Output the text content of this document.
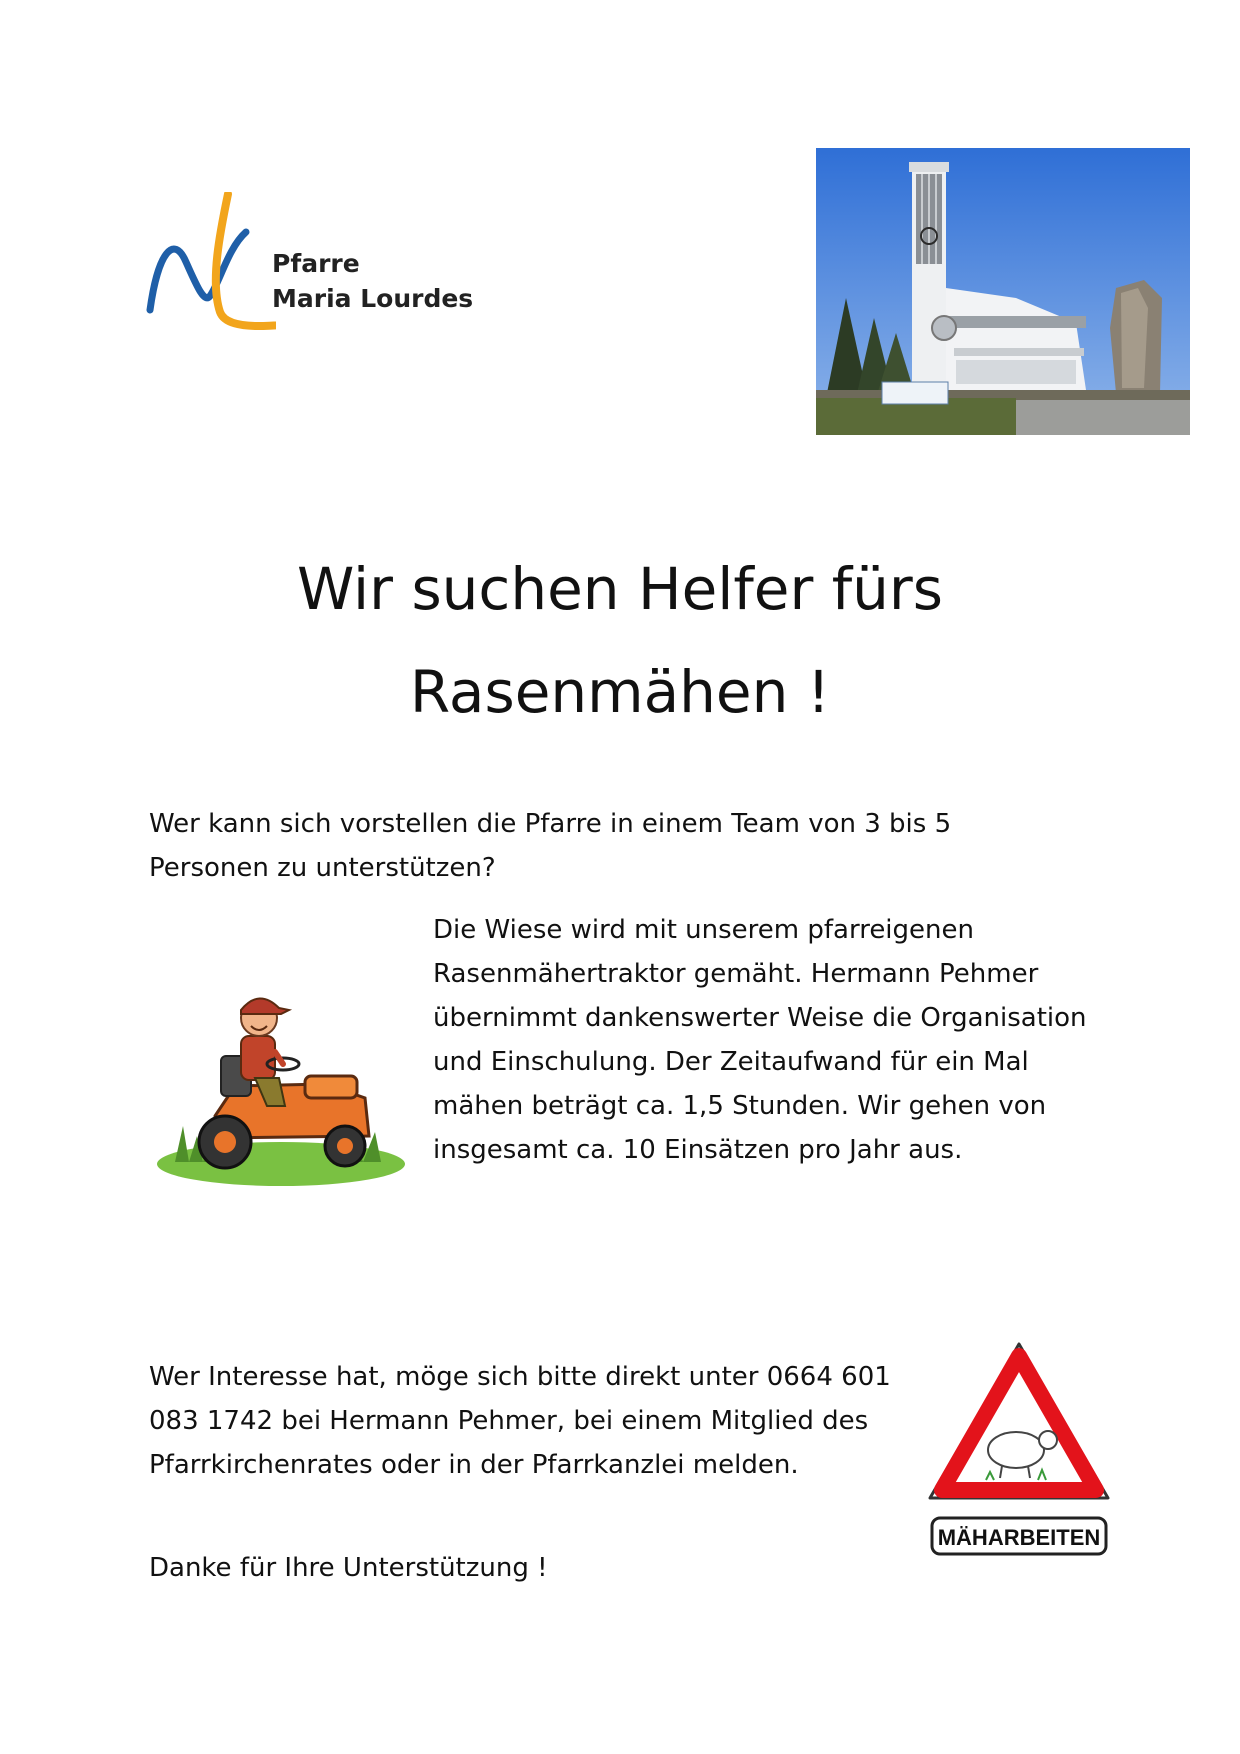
Pfarre
Maria Lourdes
Wir suchen Helfer fürs
Rasenmähen !
Wer kann sich vorstellen die Pfarre in einem Team von 3 bis 5 Personen zu unterstützen?
Die Wiese wird mit unserem pfarreigenen Rasenmähertraktor gemäht. Hermann Pehmer übernimmt dankenswerter Weise die Organisation und Einschulung. Der Zeitaufwand für ein Mal mähen beträgt ca. 1,5 Stunden. Wir gehen von insgesamt ca. 10 Einsätzen pro Jahr aus.
Wer Interesse hat, möge sich bitte direkt unter 0664 601 083 1742 bei Hermann Pehmer, bei einem Mitglied des Pfarrkirchenrates oder in der Pfarrkanzlei melden.
Danke für Ihre Unterstützung !
MÄHARBEITEN
